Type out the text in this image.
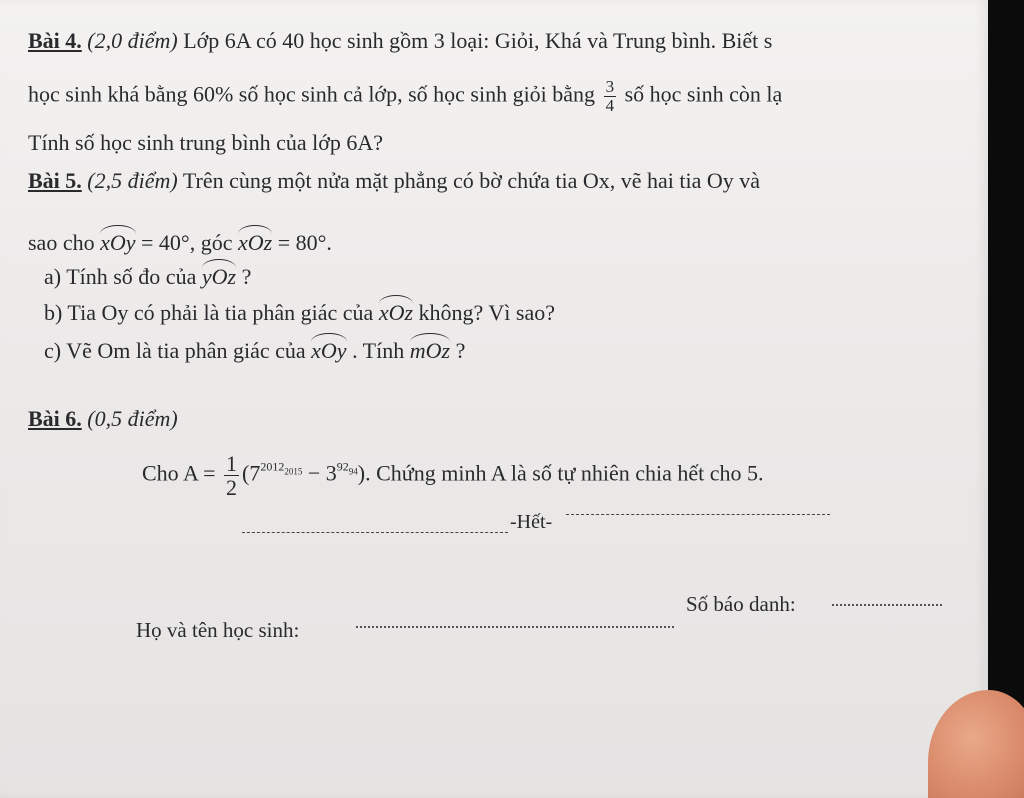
Bài 4. (2,0 điểm) Lớp 6A có 40 học sinh gồm 3 loại: Giỏi, Khá và Trung bình. Biết s
học sinh khá bằng 60% số học sinh cả lớp, số học sinh giỏi bằng $\frac{3}{4}$ số học sinh còn lạ
Tính số học sinh trung bình của lớp 6A?
Bài 5. (2,5 điểm) Trên cùng một nửa mặt phẳng có bờ chứa tia Ox, vẽ hai tia Oy và
sao cho xOy = 40°, góc xOz = 80°.
a) Tính số đo của yOz ?
b) Tia Oy có phải là tia phân giác của xOz không? Vì sao?
c) Vẽ Om là tia phân giác của xOy . Tính mOz ?
Bài 6. (0,5 điểm)
Cho $A = \frac{1}{2} (7^{20122015} - 3^{9294})$. Chứng minh A là số tự nhiên chia hết cho 5.
-Hết-
Họ và tên học sinh:
Số báo danh:
